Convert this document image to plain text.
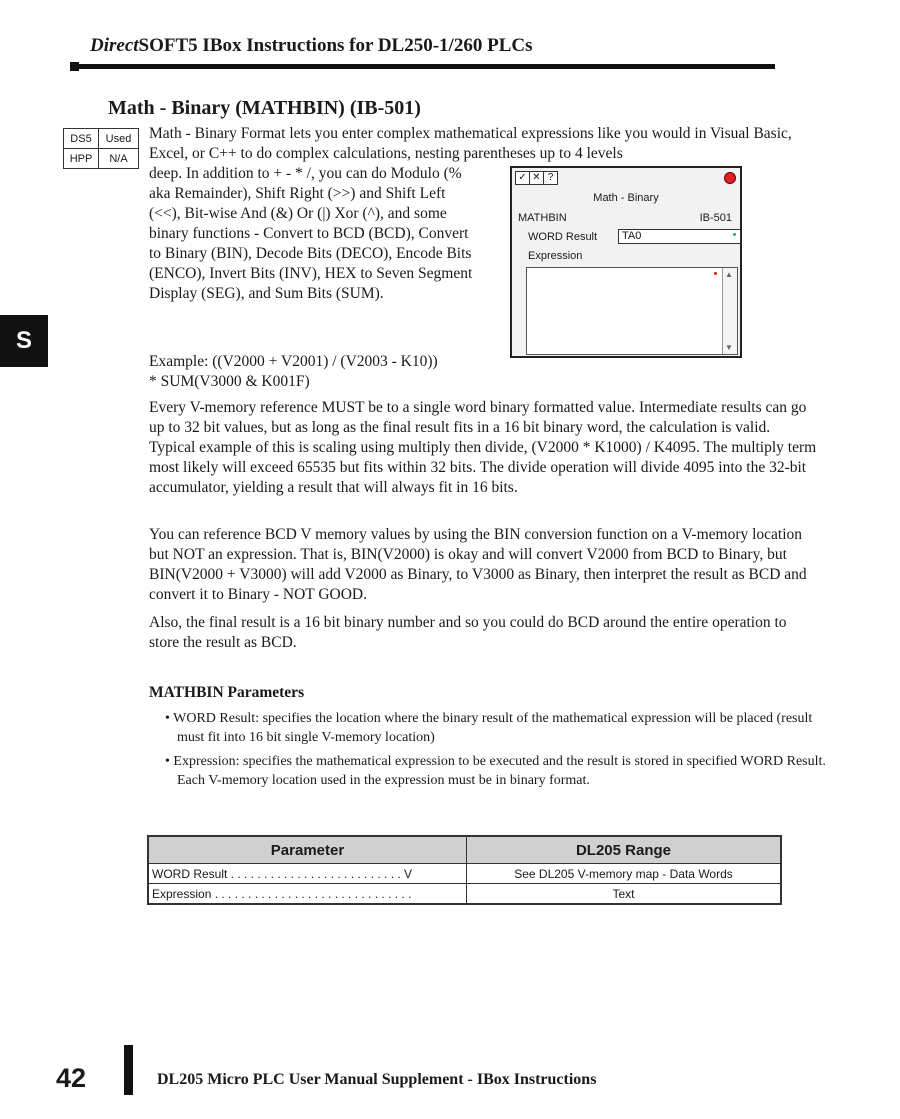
DirectSOFT5 IBox Instructions for DL250-1/260 PLCs
S
Math - Binary (MATHBIN) (IB-501)
DS5	Used
HPP	N/A
Math - Binary Format lets you enter complex mathematical expressions like you would in Visual Basic, Excel, or C++ to do complex calculations, nesting parentheses up to 4 levels
deep. In addition to + - * /, you can do Modulo (% aka Remainder), Shift Right (>>) and Shift Left (<<), Bit-wise And (&) Or (|) Xor (^), and some binary functions - Convert to BCD (BCD), Convert to Binary (BIN), Decode Bits (DECO), Encode Bits (ENCO), Invert Bits (INV), HEX to Seven Segment Display (SEG), and Sum Bits (SUM).
Example: ((V2000 + V2001) / (V2003 - K10)) * SUM(V3000 & K001F)
Every V-memory reference MUST be to a single word binary formatted value. Intermediate results can go up to 32 bit values, but as long as the final result fits in a 16 bit binary word, the calculation is valid. Typical example of this is scaling using multiply then divide, (V2000 * K1000) / K4095. The multiply term most likely will exceed 65535 but fits within 32 bits. The divide operation will divide 4095 into the 32-bit accumulator, yielding a result that will always fit in 16 bits.
You can reference BCD V memory values by using the BIN conversion function on a V-memory location but NOT an expression. That is, BIN(V2000) is okay and will convert V2000 from BCD to Binary, but BIN(V2000 + V3000) will add V2000 as Binary, to V3000 as Binary, then interpret the result as BCD and convert it to Binary - NOT GOOD.
Also, the final result is a 16 bit binary number and so you could do BCD around the entire operation to store the result as BCD.
✓ ✕ ?
Math - Binary
MATHBIN	IB-501
WORD Result	TA0
Expression
▲
▼
MATHBIN Parameters
• WORD Result: specifies the location where the binary result of the mathematical expression will be placed (result must fit into 16 bit single V-memory location)
• Expression: specifies the mathematical expression to be executed and the result is stored in specified WORD Result. Each V-memory location used in the expression must be in binary format.
Parameter	DL205 Range
WORD Result . . . . . . . . . . . . . . . . . . . . . . . . . . V	See DL205 V-memory map - Data Words
Expression . . . . . . . . . . . . . . . . . . . . . . . . . . . . . .	Text
42	DL205 Micro PLC User Manual Supplement - IBox Instructions
